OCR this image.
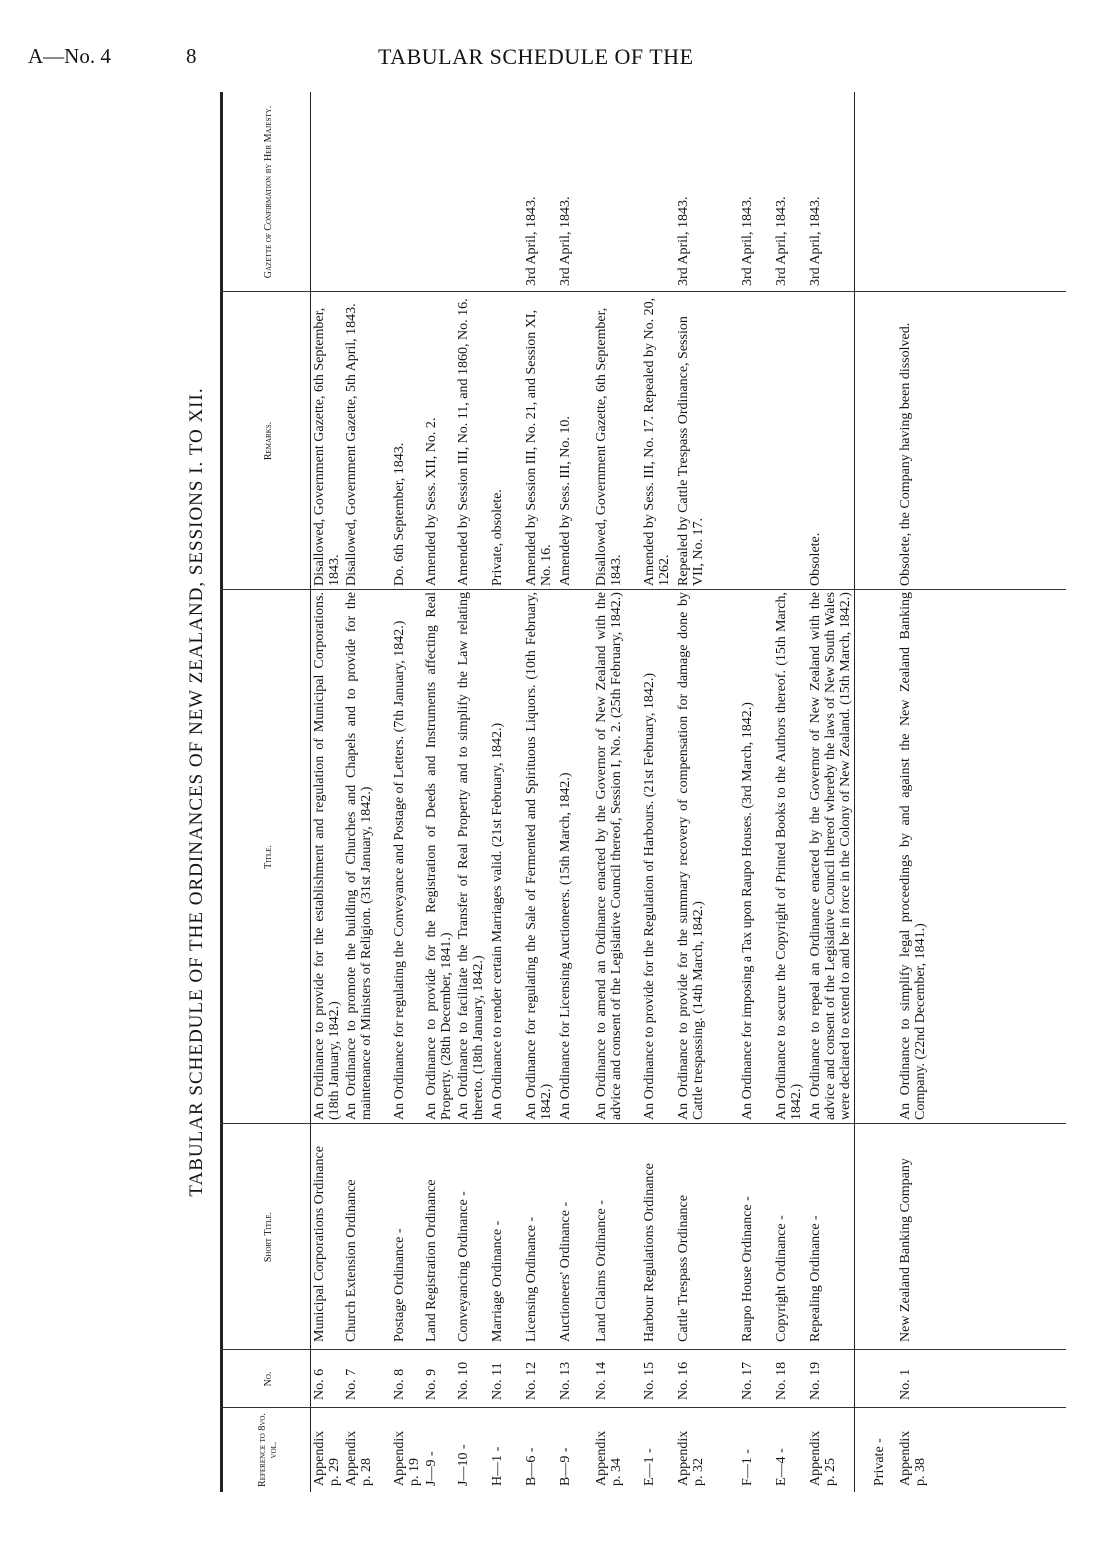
A—No. 4	8	TABULAR SCHEDULE OF THE
TABULAR SCHEDULE OF THE ORDINANCES OF NEW ZEALAND, SESSIONS I. TO XII.
Reference to 8vo. vol.
No.
Short Title.
Title.
Remarks.
Gazette of Confirmation by Her Majesty.
Appendix p. 29
No. 6
Municipal Corporations Ordinance
An Ordinance to provide for the establishment and regulation of Municipal Corporations. (18th January, 1842.)
Disallowed, Government Gazette, 6th September, 1843.
Appendix p. 28
No. 7
Church Extension Ordinance
An Ordinance to promote the building of Churches and Chapels and to provide for the maintenance of Ministers of Religion. (31st January, 1842.)
Disallowed, Government Gazette, 5th April, 1843.
Appendix p. 19
No. 8
Postage Ordinance -
An Ordinance for regulating the Conveyance and Postage of Letters. (7th January, 1842.)
Do. 6th September, 1843.
J—9 -
No. 9
Land Registration Ordinance
An Ordinance to provide for the Registration of Deeds and Instruments affecting Real Property. (28th December, 1841.)
Amended by Sess. XII, No. 2.
J—10 -
No. 10
Conveyancing Ordinance -
An Ordinance to facilitate the Transfer of Real Property and to simplify the Law relating thereto. (18th January, 1842.)
Amended by Session III, No. 11, and 1860, No. 16.
H—1 -
No. 11
Marriage Ordinance -
An Ordinance to render certain Marriages valid. (21st February, 1842.)
Private, obsolete.
B—6 -
No. 12
Licensing Ordinance -
An Ordinance for regulating the Sale of Fermented and Spirituous Liquors. (10th February, 1842.)
Amended by Session III, No. 21, and Session XI, No. 16.
3rd April, 1843.
B—9 -
No. 13
Auctioneers' Ordinance -
An Ordinance for Licensing Auctioneers. (15th March, 1842.)
Amended by Sess. III, No. 10.
3rd April, 1843.
Appendix p. 34
No. 14
Land Claims Ordinance -
An Ordinance to amend an Ordinance enacted by the Governor of New Zealand with the advice and consent of the Legislative Council thereof, Session I, No. 2. (25th February, 1842.)
Disallowed, Government Gazette, 6th September, 1843.
E—1 -
No. 15
Harbour Regulations Ordinance
An Ordinance to provide for the Regulation of Harbours. (21st February, 1842.)
Amended by Sess. III, No. 17. Repealed by No. 20, 1262.
Appendix p. 32
No. 16
Cattle Trespass Ordinance
An Ordinance to provide for the summary recovery of compensation for damage done by Cattle trespassing. (14th March, 1842.)
Repealed by Cattle Trespass Ordinance, Session VII, No. 17.
3rd April, 1843.
F—1 -
No. 17
Raupo House Ordinance -
An Ordinance for imposing a Tax upon Raupo Houses. (3rd March, 1842.)
3rd April, 1843.
E—4 -
No. 18
Copyright Ordinance -
An Ordinance to secure the Copyright of Printed Books to the Authors thereof. (15th March, 1842.)
3rd April, 1843.
Appendix p. 25
No. 19
Repealing Ordinance -
An Ordinance to repeal an Ordinance enacted by the Governor of New Zealand with the advice and consent of the Legislative Council thereof whereby the laws of New South Wales were declared to extend to and be in force in the Colony of New Zealand. (15th March, 1842.)
Obsolete.
3rd April, 1843.
Private - Appendix p. 38
No. 1
New Zealand Banking Company
An Ordinance to simplify legal proceedings by and against the New Zealand Banking Company. (22nd December, 1841.)
Obsolete, the Company having been dissolved.
